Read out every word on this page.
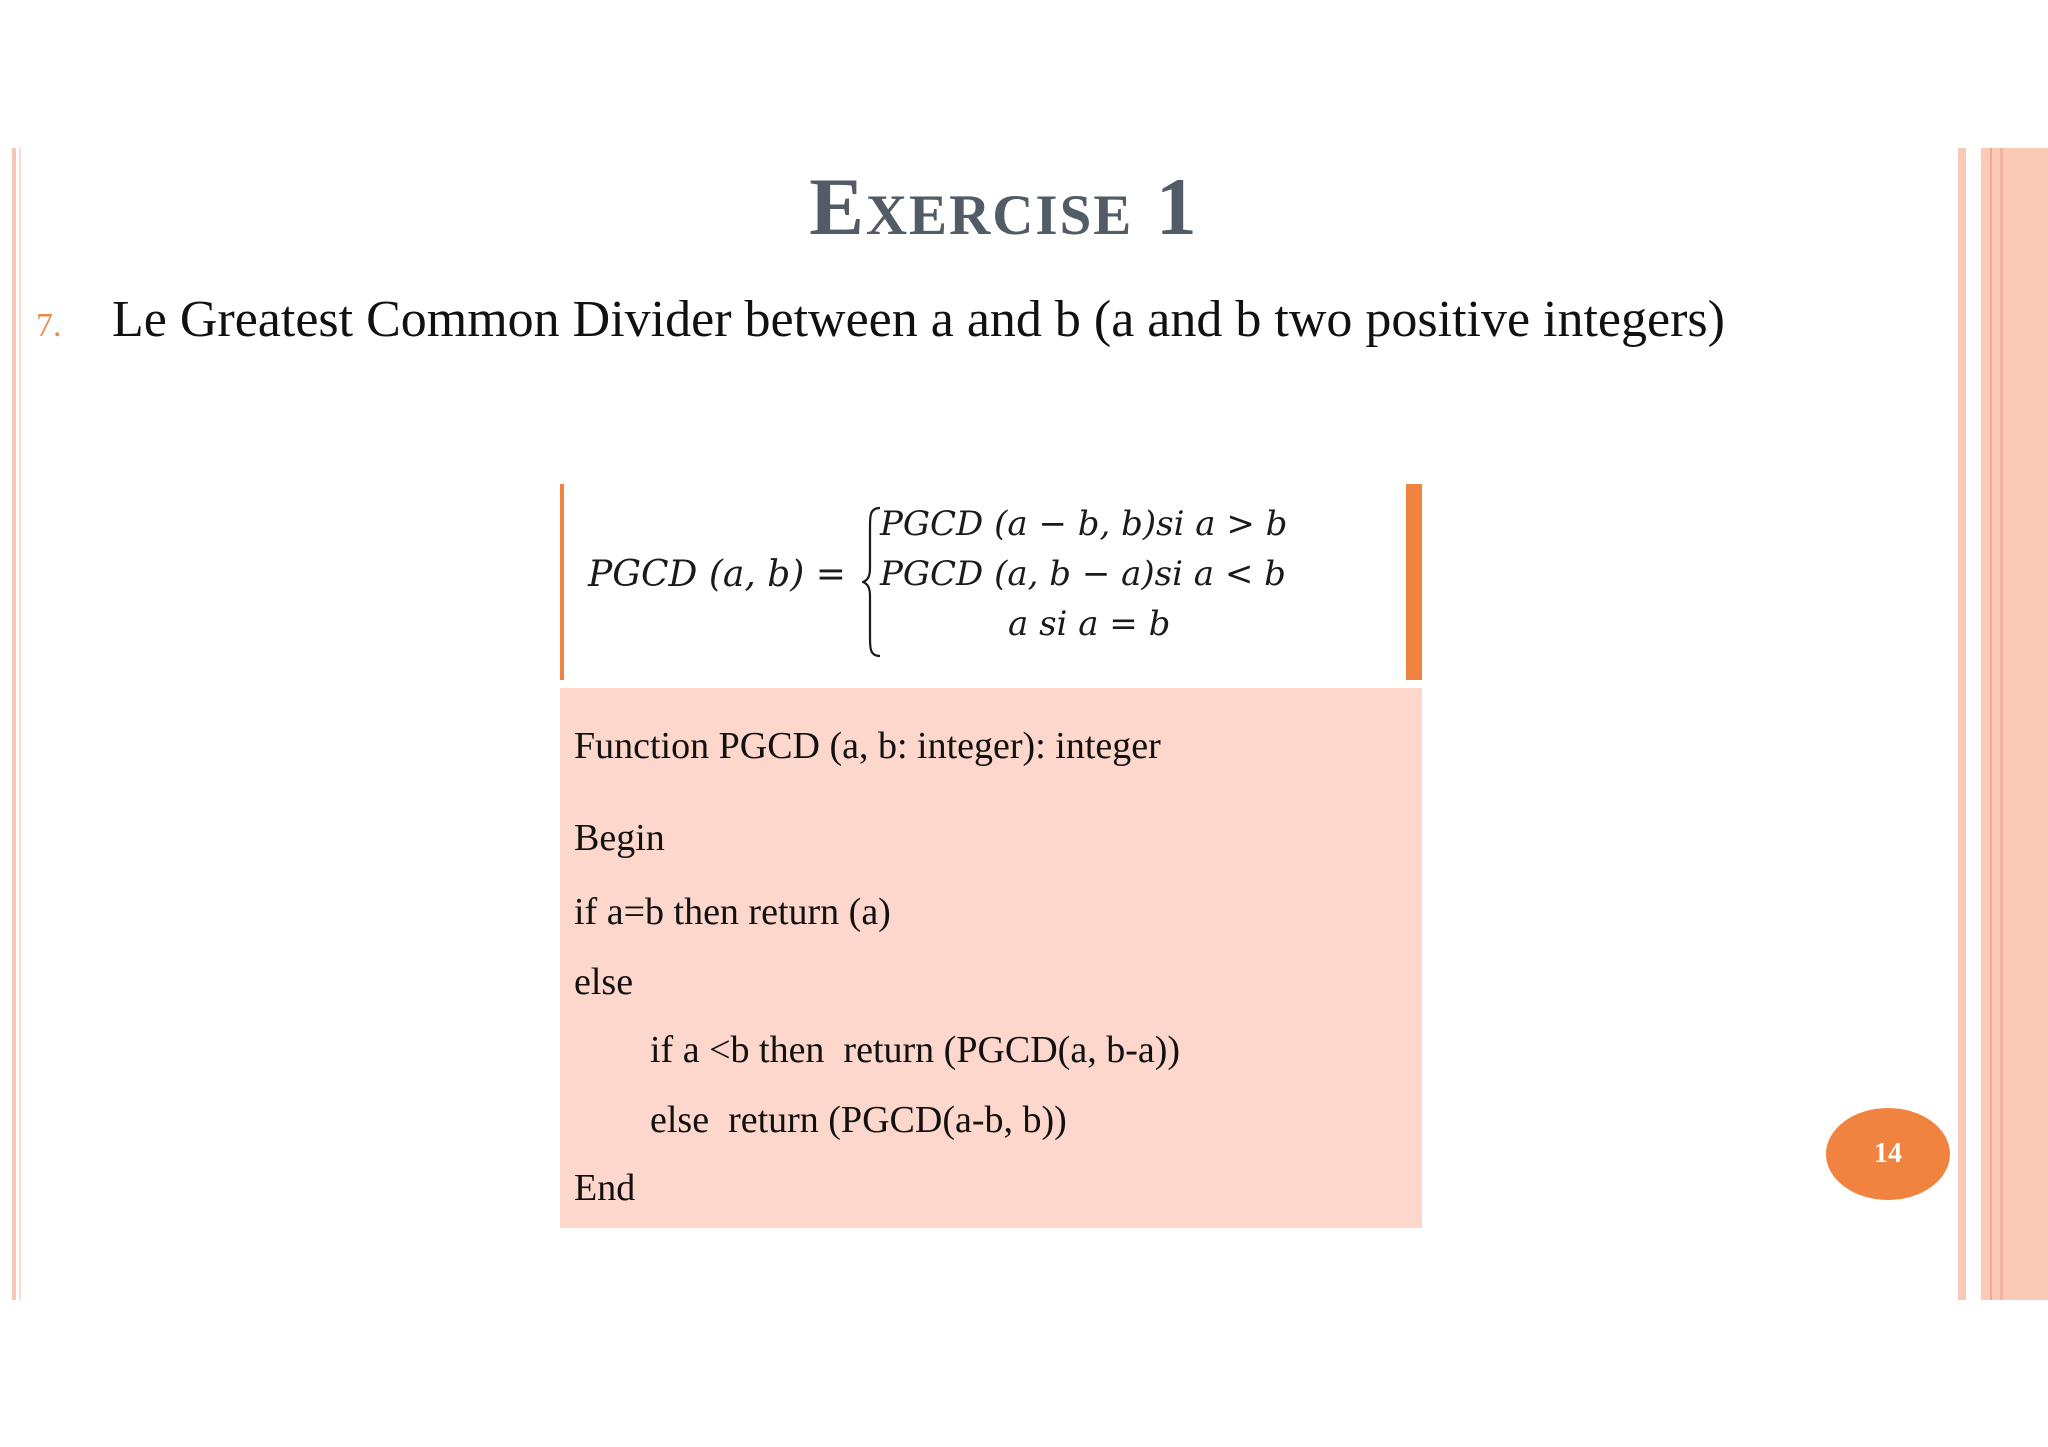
Exercise 1
7. Le Greatest Common Divider between a and b (a and b two positive integers)
PGCD (a, b) =
PGCD (a − b, b)si a > b
PGCD (a, b − a)si a < b
a si a = b
Function PGCD (a, b: integer): integer
Begin
if a=b then return (a)
else
if a <b then  return (PGCD(a, b-a))
else  return (PGCD(a-b, b))
End
14
